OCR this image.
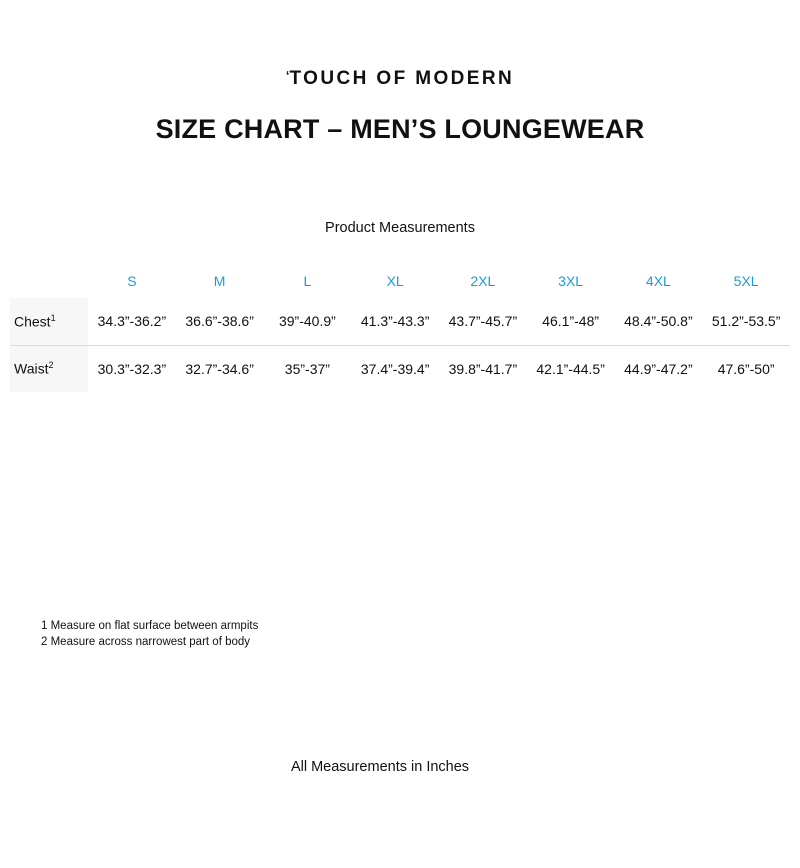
‘TOUCH OF MODERN
SIZE CHART – MEN’S LOUNGEWEAR
Product Measurements
	S	M	L	XL	2XL	3XL	4XL	5XL
Chest$^1$	34.3”-36.2”	36.6”-38.6”	39”-40.9”	41.3”-43.3”	43.7”-45.7”	46.1”-48”	48.4”-50.8”	51.2”-53.5”
Waist$^2$	30.3”-32.3”	32.7”-34.6”	35”-37”	37.4”-39.4”	39.8”-41.7”	42.1”-44.5”	44.9”-47.2”	47.6”-50”
1 Measure on flat surface between armpits
2 Measure across narrowest part of body
All Measurements in Inches
